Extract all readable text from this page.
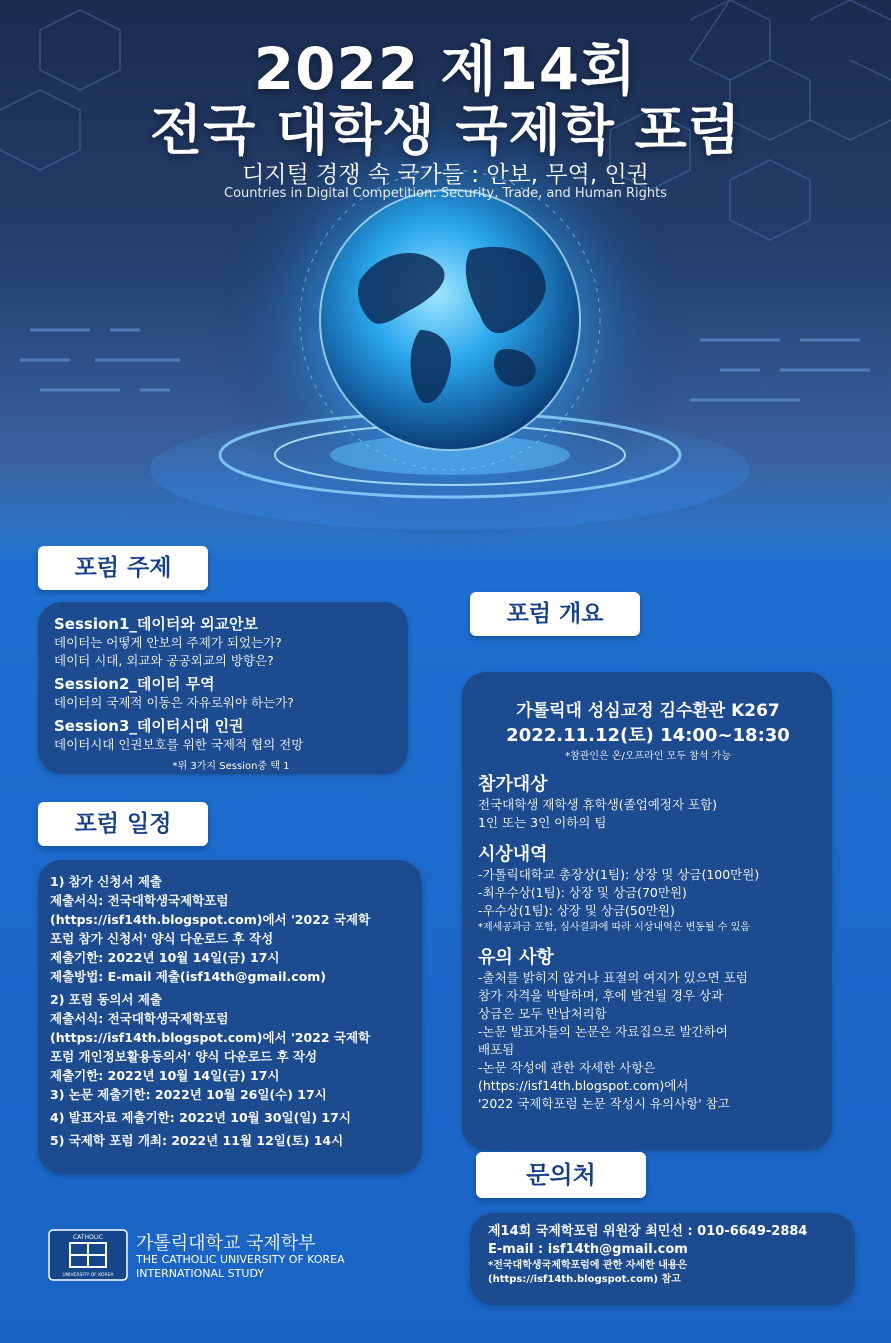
2022 제14회
전국 대학생 국제학 포럼
디지털 경쟁 속 국가들 : 안보, 무역, 인권
Countries in Digital Competition: Security, Trade, and Human Rights
포럼 주제
Session1_데이터와 외교안보
데이터는 어떻게 안보의 주제가 되었는가?
데이터 시대, 외교와 공공외교의 방향은?
Session2_데이터 무역
데이터의 국제적 이동은 자유로워야 하는가?
Session3_데이터시대 인권
데이터시대 인권보호를 위한 국제적 협의 전망
*위 3가지 Session중 택 1
포럼 일정
1) 참가 신청서 제출
제출서식: 전국대학생국제학포럼
(https://isf14th.blogspot.com)에서 '2022 국제학
포럼 참가 신청서' 양식 다운로드 후 작성
제출기한: 2022년 10월 14일(금) 17시
제출방법: E-mail 제출(isf14th@gmail.com)
2) 포럼 동의서 제출
제출서식: 전국대학생국제학포럼
(https://isf14th.blogspot.com)에서 '2022 국제학
포럼 개인정보활용동의서' 양식 다운로드 후 작성
제출기한: 2022년 10월 14일(금) 17시
3) 논문 제출기한: 2022년 10월 26일(수) 17시
4) 발표자료 제출기한: 2022년 10월 30일(일) 17시
5) 국제학 포럼 개최: 2022년 11월 12일(토) 14시
포럼 개요
가톨릭대 성심교정 김수환관 K267
2022.11.12(토) 14:00~18:30
*참관인은 온/오프라인 모두 참석 가능
참가대상
전국대학생 재학생 휴학생(졸업예정자 포함)
1인 또는 3인 이하의 팀
시상내역
-가톨릭대학교 총장상(1팀): 상장 및 상금(100만원)
-최우수상(1팀): 상장 및 상금(70만원)
-우수상(1팀): 상장 및 상금(50만원)
*제세공과금 포함, 심사결과에 따라 시상내역은 변동될 수 있음
유의 사항
-출처를 밝히지 않거나 표절의 여지가 있으면 포럼
참가 자격을 박탈하며, 후에 발견될 경우 상과
상금은 모두 반납처리함
-논문 발표자들의 논문은 자료집으로 발간하여
배포됨
-논문 작성에 관한 자세한 사항은
(https://isf14th.blogspot.com)에서
'2022 국제학포럼 논문 작성시 유의사항' 참고
문의처
제14회 국제학포럼 위원장 최민선 : 010-6649-2884
E-mail : isf14th@gmail.com
*전국대학생국제학포럼에 관한 자세한 내용은
(https://isf14th.blogspot.com) 참고
CATHOLIC
UNIVERSITY OF KOREA
가톨릭대학교 국제학부
THE CATHOLIC UNIVERSITY OF KOREA
INTERNATIONAL STUDY
